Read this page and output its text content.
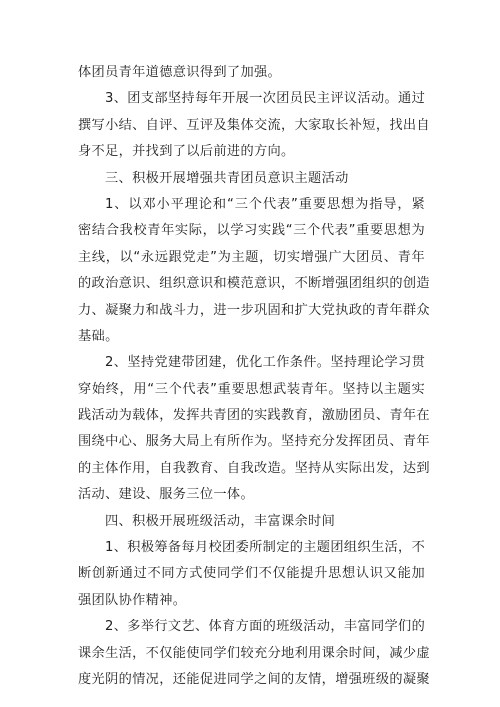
体团员青年道德意识得到了加强。
3、团支部坚持每年开展一次团员民主评议活动。通过
撰写小结、自评、互评及集体交流，大家取长补短，找出自
身不足，并找到了以后前进的方向。
三、积极开展增强共青团员意识主题活动
1、以邓小平理论和“三个代表”重要思想为指导，紧
密结合我校青年实际，以学习实践“三个代表”重要思想为
主线，以“永远跟党走”为主题，切实增强广大团员、青年
的政治意识、组织意识和模范意识，不断增强团组织的创造
力、凝聚力和战斗力，进一步巩固和扩大党执政的青年群众
基础。
2、坚持党建带团建，优化工作条件。坚持理论学习贯
穿始终，用“三个代表”重要思想武装青年。坚持以主题实
践活动为载体，发挥共青团的实践教育，激励团员、青年在
围绕中心、服务大局上有所作为。坚持充分发挥团员、青年
的主体作用，自我教育、自我改造。坚持从实际出发，达到
活动、建设、服务三位一体。
四、积极开展班级活动，丰富课余时间
1、积极筹备每月校团委所制定的主题团组织生活，不
断创新通过不同方式使同学们不仅能提升思想认识又能加
强团队协作精神。
2、多举行文艺、体育方面的班级活动，丰富同学们的
课余生活，不仅能使同学们较充分地利用课余时间，减少虚
度光阴的情况，还能促进同学之间的友情，增强班级的凝聚
